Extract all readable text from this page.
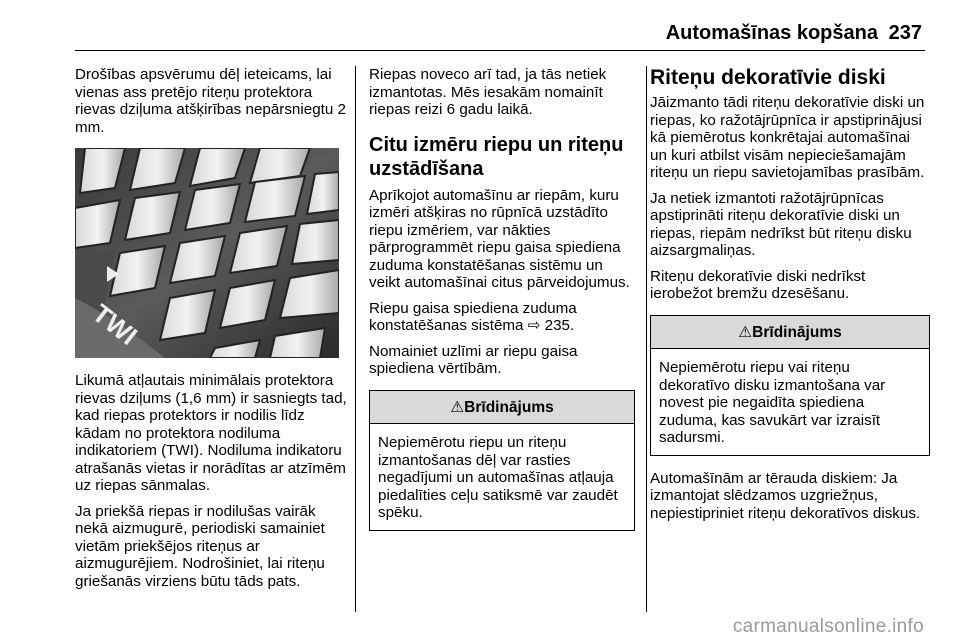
Automašīnas kopšana 237

Drošības apsvērumu dēļ ieteicams, lai vienas ass pretējo riteņu protektora rievas dziļuma atšķirības nepārsniegtu 2 mm.

TWI

Likumā atļautais minimālais protektora rievas dziļums (1,6 mm) ir sasniegts tad, kad riepas protektors ir nodilis līdz kādam no protektora nodiluma indikatoriem (TWI). Nodiluma indikatoru atrašanās vietas ir norādītas ar atzīmēm uz riepas sānmalas.

Ja priekšā riepas ir nodilušas vairāk nekā aizmugurē, periodiski samainiet vietām priekšējos riteņus ar aizmugurējiem. Nodrošiniet, lai riteņu griešanās virziens būtu tāds pats.

Riepas noveco arī tad, ja tās netiek izmantotas. Mēs iesakām nomainīt riepas reizi 6 gadu laikā.

Citu izmēru riepu un riteņu uzstādīšana

Aprīkojot automašīnu ar riepām, kuru izmēri atšķiras no rūpnīcā uzstādīto riepu izmēriem, var nākties pārprogrammēt riepu gaisa spiediena zuduma konstatēšanas sistēmu un veikt automašīnai citus pārveidojumus.

Riepu gaisa spiediena zuduma konstatēšanas sistēma ⇨ 235.

Nomainiet uzlīmi ar riepu gaisa spiediena vērtībām.

⚠Brīdinājums

Nepiemērotu riepu un riteņu izmantošanas dēļ var rasties negadījumi un automašīnas atļauja piedalīties ceļu satiksmē var zaudēt spēku.

Riteņu dekoratīvie diski

Jāizmanto tādi riteņu dekoratīvie diski un riepas, ko ražotājrūpnīca ir apstiprinājusi kā piemērotus konkrētajai automašīnai un kuri atbilst visām nepieciešamajām riteņu un riepu savietojamības prasībām.

Ja netiek izmantoti ražotājrūpnīcas apstiprināti riteņu dekoratīvie diski un riepas, riepām nedrīkst būt riteņu disku aizsargmaliņas.

Riteņu dekoratīvie diski nedrīkst ierobežot bremžu dzesēšanu.

⚠Brīdinājums

Nepiemērotu riepu vai riteņu dekoratīvo disku izmantošana var novest pie negaidīta spiediena zuduma, kas savukārt var izraisīt sadursmi.

Automašīnām ar tērauda diskiem: Ja izmantojat slēdzamos uzgriežņus, nepiestipriniet riteņu dekoratīvos diskus.

carmanualsonline.info
